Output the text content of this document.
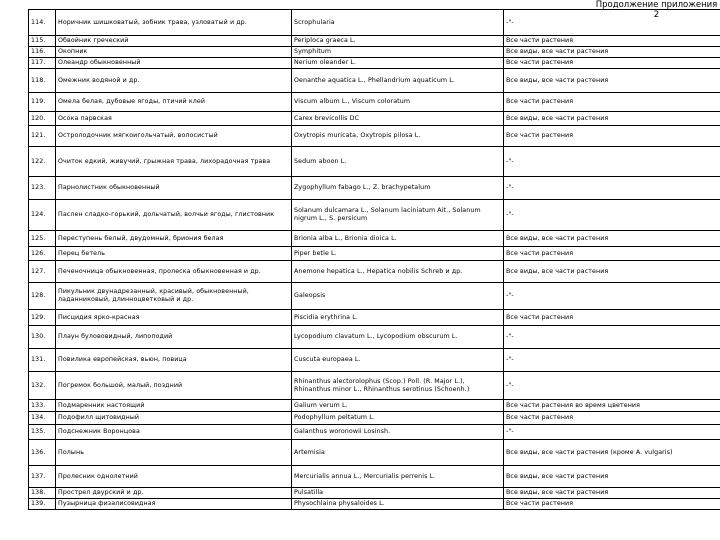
Продолжение приложения
2
114.	Норичник шишковатый, зобник трава, узловатый и др.	Scrophularia	-"-
115.	Обвойник греческий	Periploca graeca L.	Все части растения
116.	Окопник	Symphitum	Все виды, все части растения
117.	Олеандр обыкновенный	Nerium oleander L.	Все части растения
118.	Омежник водяной и др.	Oenanthe aquatica L., Phellandrium aquaticum L.	Все виды, все части растения
119.	Омела белая, дубовые ягоды, птичий клей	Viscum album L., Viscum coloratum	Все части растения
120.	Осока парвская	Carex brevicollis DC	Все виды, все части растения
121.	Остролодочник мягкоигольчатый, волосистый	Oxytropis muricata, Oxytropis pilosa L.	Все части растения
122.	Очиток едкий, живучий, грыжная трава, лихорадочная трава	Sedum aboon L.	-"-
123.	Парнолистник обыкновенный	Zygophyllum fabago L., Z. brachypetalum	-"-
124.	Паслен сладко-горький, дольчатый, волчьи ягоды, глистовник	Solanum dulcamara L., Solanum laciniatum Ait., Solanum nigrum L., S. persicum	-"-
125.	Переступень белый, двудомный, бриония белая	Brionia alba L., Brionia dioica L.	Все виды, все части растения
126.	Перец бетель	Piper betle L.	Все части растения
127.	Печеночница обыкновенная, пролеска обыкновенная и др.	Anemone hepatica L., Hepatica nobilis Schreb и др.	Все виды, все части растения
128.	Пикульник двунадрезанный, красивый, обыкновенный, ладанниковый, длинноцветковый и др.	Galeopsis	-"-
129.	Писцидия ярко-красная	Piscidia erythrina L.	Все части растения
130.	Плаун булововидный, липоподий	Lycopodium clavatum L., Lycopodium obscurum L.	-"-
131.	Повилика европейская, вьюн, повица	Cuscuta europaea L.	-"-
132.	Погремок большой, малый, поздний	Rhinanthus alectorolophus (Scop.) Poll. (R. Major L.), Rhinanthus minor L., Rhinanthus serotinus (Schoenh.)	-"-
133.	Подмаренник настоящий	Galium verum L.	Все части растения во время цветения
134.	Подофилл щитовидный	Podophyllum peltatum L.	Все части растения
135.	Подснежник Воронцова	Galanthus woronowii Losinsh.	-"-
136.	Полынь	Artemisia	Все виды, все части растения (кроме A. vulgaris)
137.	Пролесник однолетний	Mercurialis annua L., Mercurialis perrenis L.	Все виды, все части растения
138.	Прострел двурский и др.	Pulsatilla	Все виды, все части растения
139.	Пузырница физалисовидная	Physochlaina physaloides L.	Все части растения
